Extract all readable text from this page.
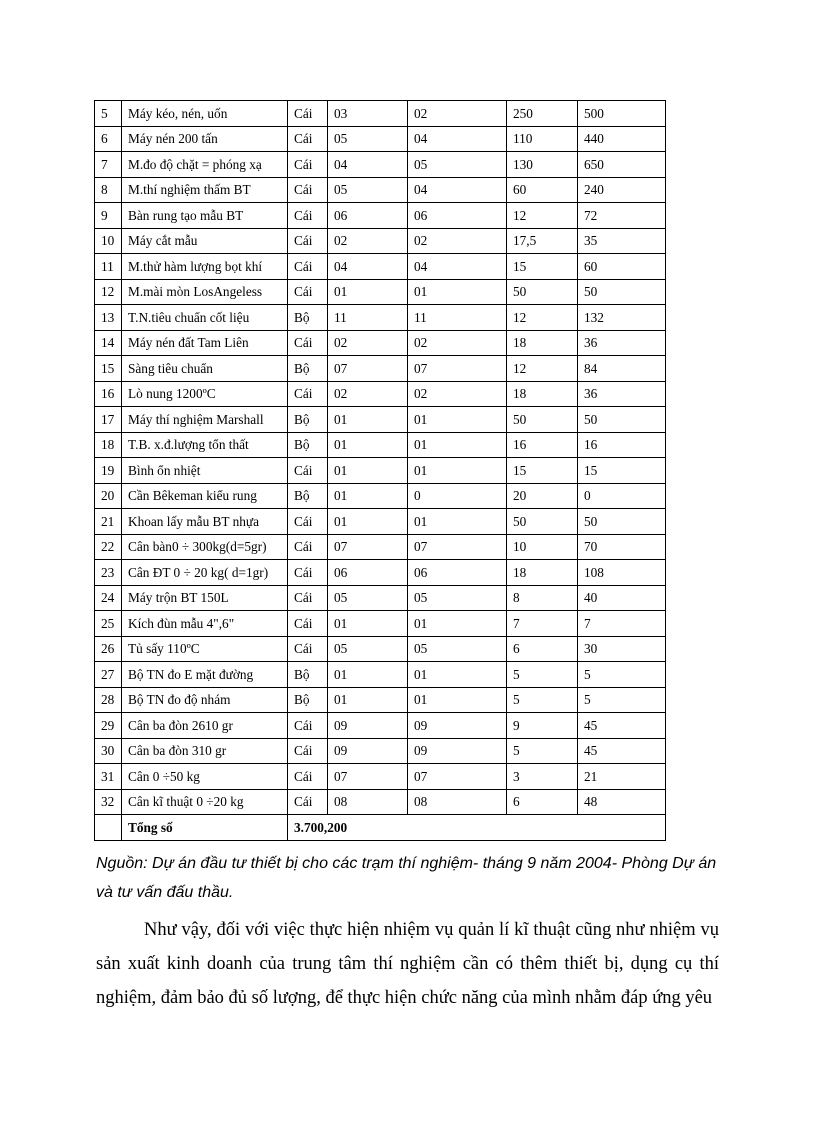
5	Máy kéo, nén, uốn	Cái	03	02	250	500
6	Máy nén 200 tấn	Cái	05	04	110	440
7	M.đo độ chặt = phóng xạ	Cái	04	05	130	650
8	M.thí nghiệm thấm BT	Cái	05	04	60	240
9	Bàn rung tạo mẫu BT	Cái	06	06	12	72
10	Máy cắt mẫu	Cái	02	02	17,5	35
11	M.thử hàm lượng bọt khí	Cái	04	04	15	60
12	M.mài mòn LosAngeless	Cái	01	01	50	50
13	T.N.tiêu chuẩn cốt liệu	Bộ	11	11	12	132
14	Máy nén đất Tam Liên	Cái	02	02	18	36
15	Sàng tiêu chuẩn	Bộ	07	07	12	84
16	Lò nung 1200ºC	Cái	02	02	18	36
17	Máy thí nghiệm Marshall	Bộ	01	01	50	50
18	T.B. x.đ.lượng tổn thất	Bộ	01	01	16	16
19	Bình ổn nhiệt	Cái	01	01	15	15
20	Cần Bêkeman kiểu rung	Bộ	01	0	20	0
21	Khoan lấy mẫu BT nhựa	Cái	01	01	50	50
22	Cân bàn0 ÷ 300kg(d=5gr)	Cái	07	07	10	70
23	Cân ĐT 0 ÷ 20 kg( d=1gr)	Cái	06	06	18	108
24	Máy trộn BT 150L	Cái	05	05	8	40
25	Kích đùn mẫu 4",6"	Cái	01	01	7	7
26	Tủ sấy 110ºC	Cái	05	05	6	30
27	Bộ TN đo E mặt đường	Bộ	01	01	5	5
28	Bộ TN đo độ nhám	Bộ	01	01	5	5
29	Cân ba đòn 2610 gr	Cái	09	09	9	45
30	Cân ba đòn 310 gr	Cái	09	09	5	45
31	Cân 0 ÷50 kg	Cái	07	07	3	21
32	Cân kĩ thuật 0 ÷20 kg	Cái	08	08	6	48
	Tổng số	3.700,200				
Nguồn: Dự án đầu tư thiết bị cho các trạm thí nghiệm- tháng 9 năm 2004- Phòng Dự án và tư vấn đấu thầu.
Như vậy, đối với việc thực hiện nhiệm vụ quản lí kĩ thuật cũng như nhiệm vụ sản xuất kinh doanh của trung tâm thí nghiệm cần có thêm thiết bị, dụng cụ thí nghiệm, đảm bảo đủ số lượng, để thực hiện chức năng của mình nhằm đáp ứng yêu
